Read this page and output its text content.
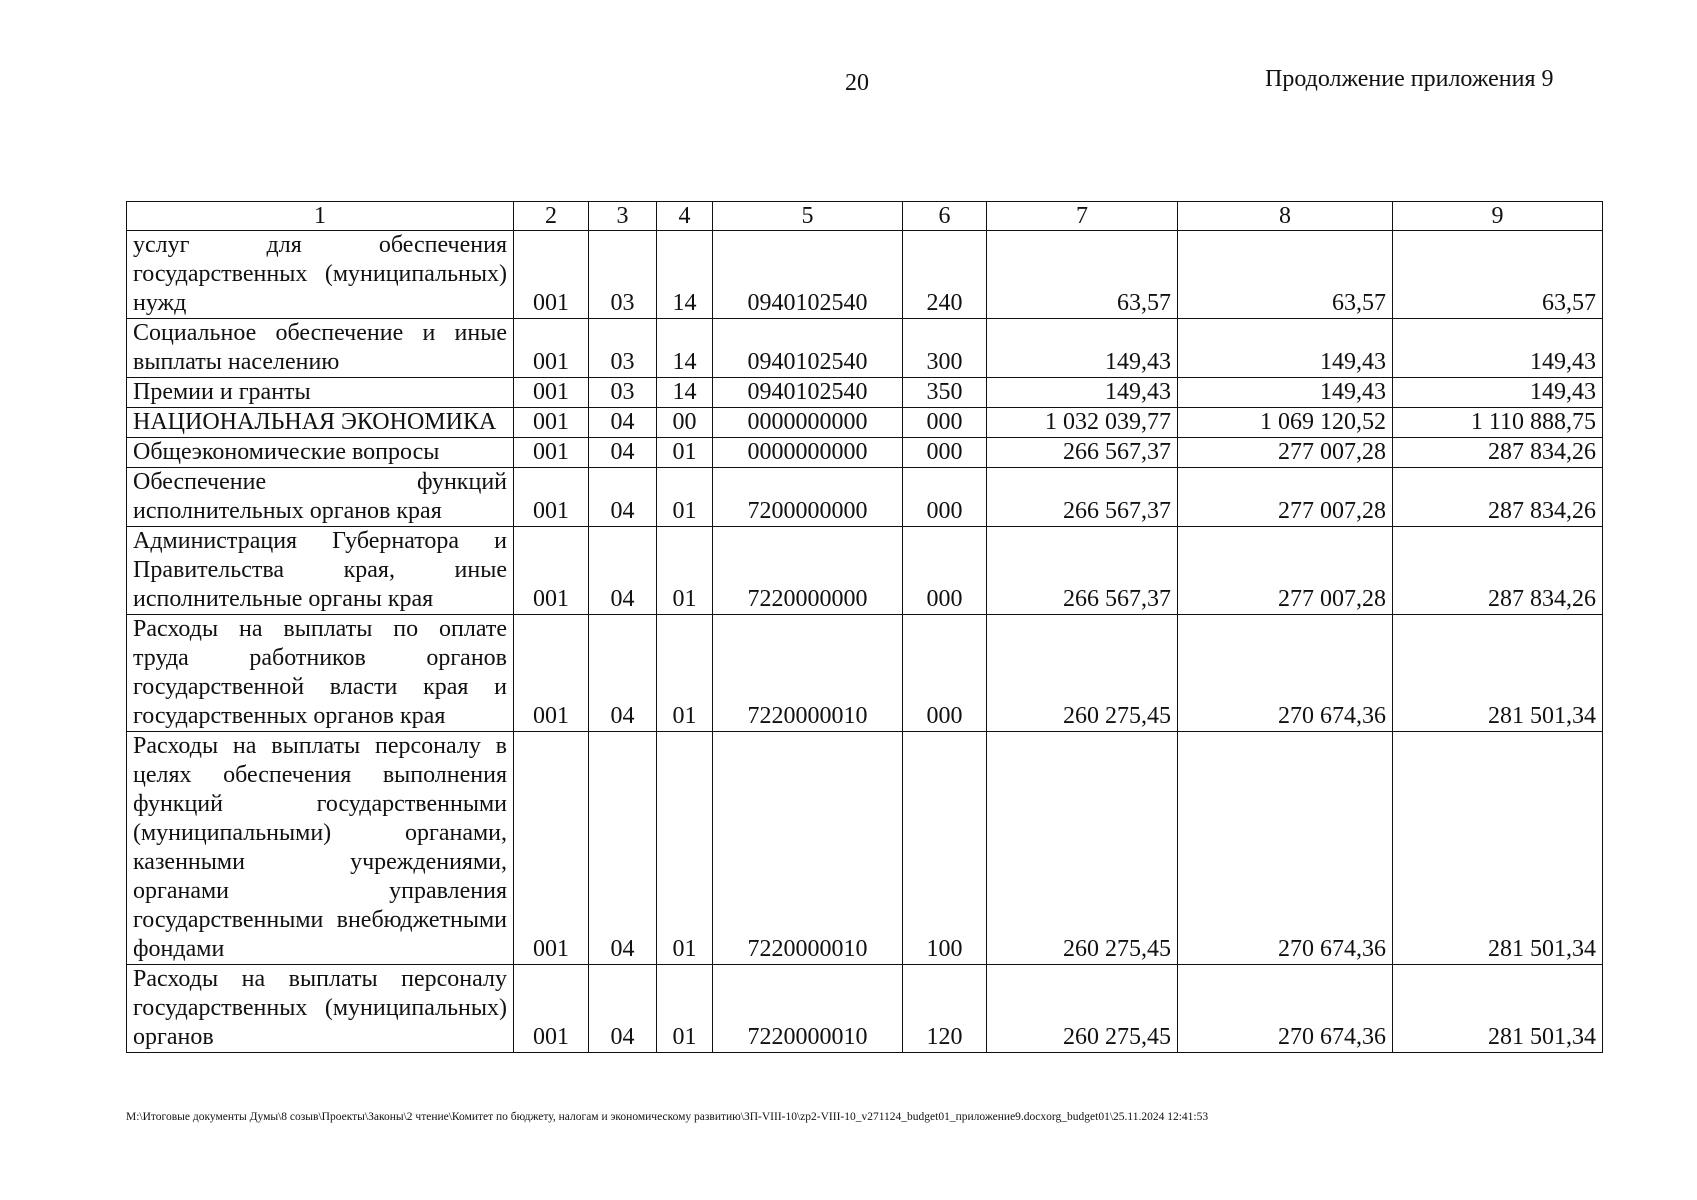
20	Продолжение приложения 9
1	2	3	4	5	6	7	8	9
услуг для обеспечения государственных (муниципальных) нужд	001	03	14	0940102540	240	63,57	63,57	63,57
Социальное обеспечение и иные выплаты населению	001	03	14	0940102540	300	149,43	149,43	149,43
Премии и гранты	001	03	14	0940102540	350	149,43	149,43	149,43
НАЦИОНАЛЬНАЯ ЭКОНОМИКА	001	04	00	0000000000	000	1 032 039,77	1 069 120,52	1 110 888,75
Общеэкономические вопросы	001	04	01	0000000000	000	266 567,37	277 007,28	287 834,26
Обеспечение функций исполнительных органов края	001	04	01	7200000000	000	266 567,37	277 007,28	287 834,26
Администрация Губернатора и Правительства края, иные исполнительные органы края	001	04	01	7220000000	000	266 567,37	277 007,28	287 834,26
Расходы на выплаты по оплате труда работников органов государственной власти края и государственных органов края	001	04	01	7220000010	000	260 275,45	270 674,36	281 501,34
Расходы на выплаты персоналу в целях обеспечения выполнения функций государственными (муниципальными) органами, казенными учреждениями, органами управления государственными внебюджетными фондами	001	04	01	7220000010	100	260 275,45	270 674,36	281 501,34
Расходы на выплаты персоналу государственных (муниципальных) органов	001	04	01	7220000010	120	260 275,45	270 674,36	281 501,34
М:\Итоговые документы Думы\8 созыв\Проекты\Законы\2 чтение\Комитет по бюджету, налогам и экономическому развитию\ЗП-VIII-10\zp2-VIII-10_v271124_budget01_приложение9.docxorg_budget01\25.11.2024 12:41:53
